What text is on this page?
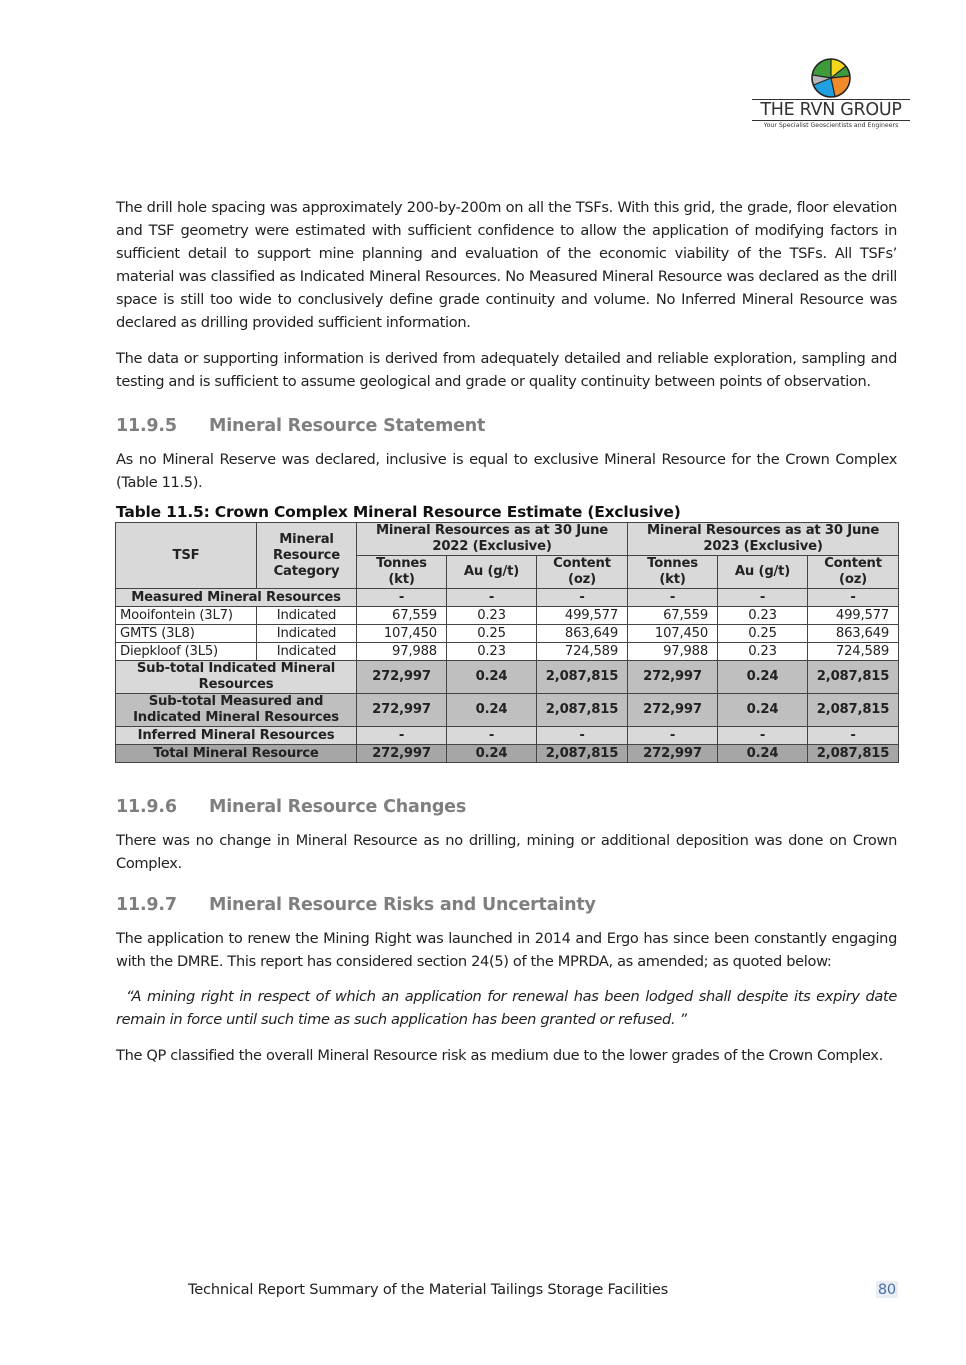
THE RVN GROUP
Your Specialist Geoscientists and Engineers

The drill hole spacing was approximately 200-by-200m on all the TSFs. With this grid, the grade, floor elevation and TSF geometry were estimated with sufficient confidence to allow the application of modifying factors in sufficient detail to support mine planning and evaluation of the economic viability of the TSFs. All TSFs’ material was classified as Indicated Mineral Resources. No Measured Mineral Resource was declared as the drill space is still too wide to conclusively define grade continuity and volume. No Inferred Mineral Resource was declared as drilling provided sufficient information.

The data or supporting information is derived from adequately detailed and reliable exploration, sampling and testing and is sufficient to assume geological and grade or quality continuity between points of observation.

11.9.5	Mineral Resource Statement

As no Mineral Reserve was declared, inclusive is equal to exclusive Mineral Resource for the Crown Complex (Table 11.5).

Table 11.5: Crown Complex Mineral Resource Estimate (Exclusive)
TSF	Mineral Resource Category	Mineral Resources as at 30 June 2022 (Exclusive)			Mineral Resources as at 30 June 2023 (Exclusive)		
		Tonnes (kt)	Au (g/t)	Content (oz)	Tonnes (kt)	Au (g/t)	Content (oz)
Measured Mineral Resources		-	-	-	-	-	-
Mooifontein (3L7)	Indicated	67,559	0.23	499,577	67,559	0.23	499,577
GMTS (3L8)	Indicated	107,450	0.25	863,649	107,450	0.25	863,649
Diepkloof (3L5)	Indicated	97,988	0.23	724,589	97,988	0.23	724,589
Sub-total Indicated Mineral Resources		272,997	0.24	2,087,815	272,997	0.24	2,087,815
Sub-total Measured and Indicated Mineral Resources		272,997	0.24	2,087,815	272,997	0.24	2,087,815
Inferred Mineral Resources		-	-	-	-	-	-
Total Mineral Resource		272,997	0.24	2,087,815	272,997	0.24	2,087,815
11.9.6	Mineral Resource Changes

There was no change in Mineral Resource as no drilling, mining or additional deposition was done on Crown Complex.

11.9.7	Mineral Resource Risks and Uncertainty

The application to renew the Mining Right was launched in 2014 and Ergo has since been constantly engaging with the DMRE. This report has considered section 24(5) of the MPRDA, as amended; as quoted below:

“A mining right in respect of which an application for renewal has been lodged shall despite its expiry date remain in force until such time as such application has been granted or refused. ”

The QP classified the overall Mineral Resource risk as medium due to the lower grades of the Crown Complex.

Technical Report Summary of the Material Tailings Storage Facilities	80
